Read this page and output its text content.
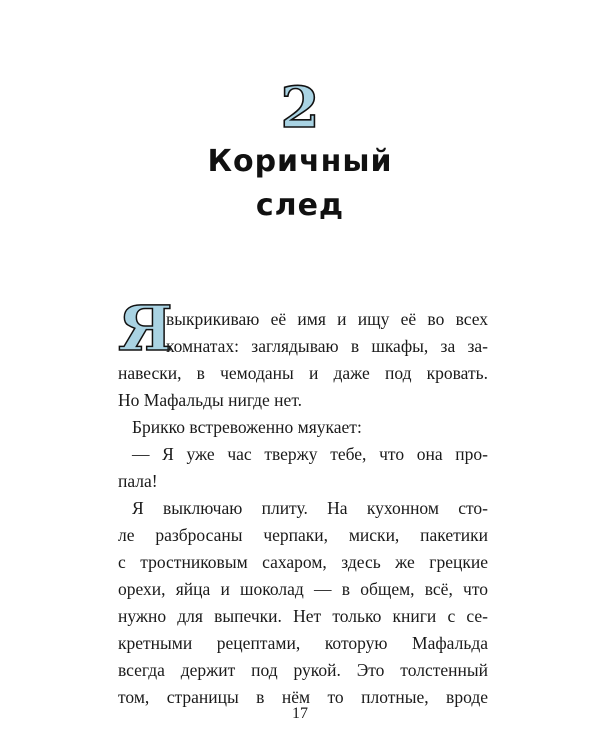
2
Коричный
след
Я
выкрикиваю её имя и ищу её во всех
комнатах: заглядываю в шкафы, за за-
навески, в чемоданы и даже под кровать.
Но Мафальды нигде нет.
Брикко встревоженно мяукает:
— Я уже час твержу тебе, что она про-
пала!
Я выключаю плиту. На кухонном сто-
ле разбросаны черпаки, миски, пакетики
с тростниковым сахаром, здесь же грецкие
орехи, яйца и шоколад — в общем, всё, что
нужно для выпечки. Нет только книги с се-
кретными рецептами, которую Мафальда
всегда держит под рукой. Это толстенный
том, страницы в нём то плотные, вроде
17
